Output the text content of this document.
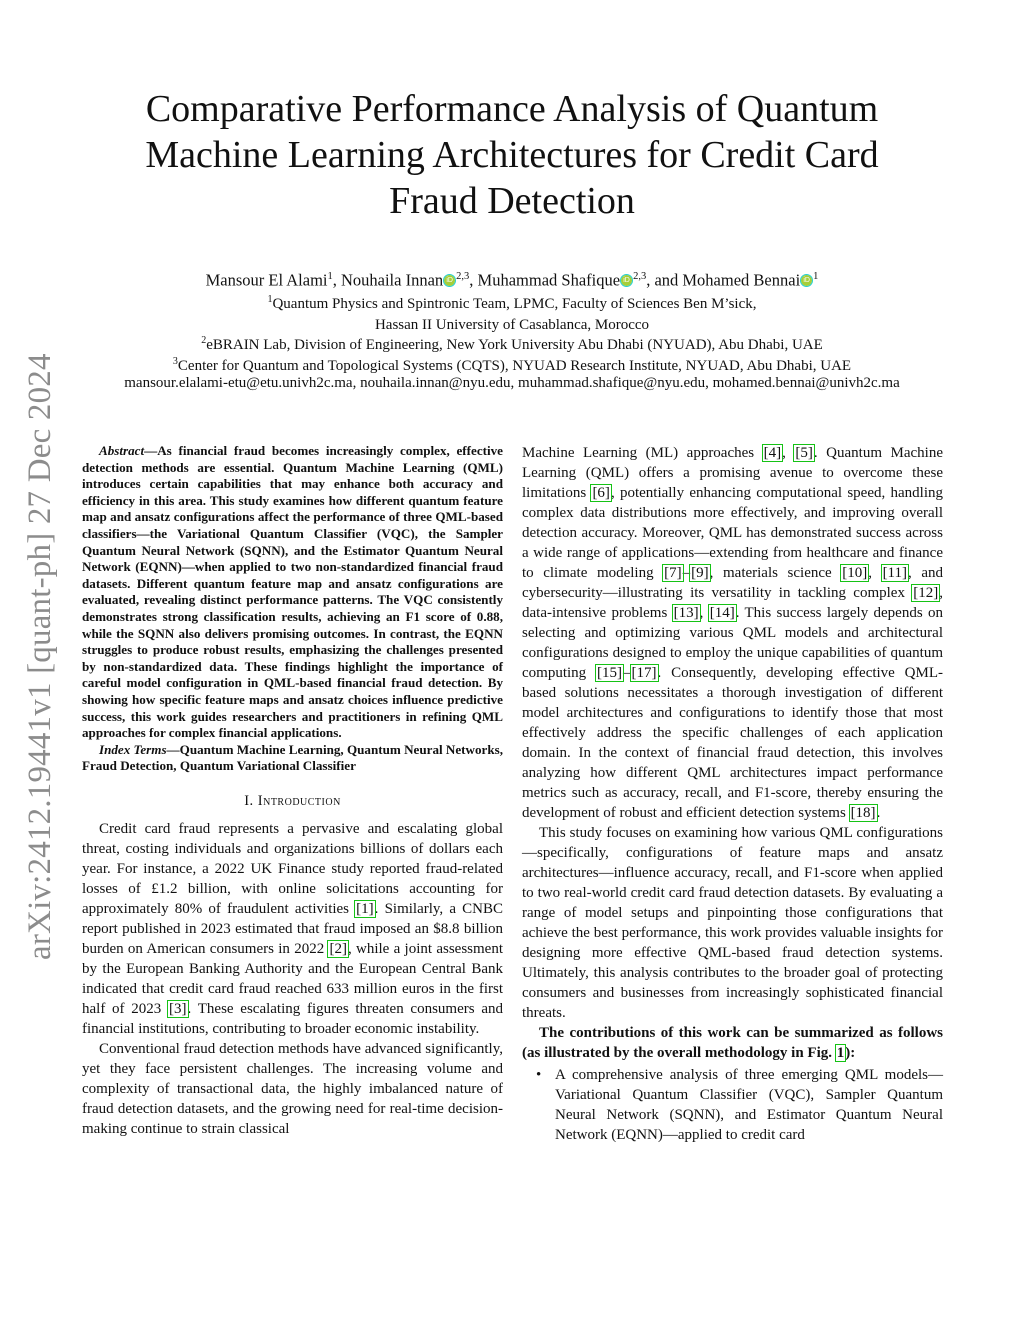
arXiv:2412.19441v1 [quant-ph] 27 Dec 2024
Comparative Performance Analysis of Quantum
Machine Learning Architectures for Credit Card
Fraud Detection
Mansour El Alami$^1$, Nouhaila Innan iD $^{2,3}$, Muhammad Shafique iD $^{2,3}$, and Mohamed Bennai iD $^1$
$^1$Quantum Physics and Spintronic Team, LPMC, Faculty of Sciences Ben M’sick,
Hassan II University of Casablanca, Morocco
$^2$eBRAIN Lab, Division of Engineering, New York University Abu Dhabi (NYUAD), Abu Dhabi, UAE
$^3$Center for Quantum and Topological Systems (CQTS), NYUAD Research Institute, NYUAD, Abu Dhabi, UAE
mansour.elalami-etu@etu.univh2c.ma, nouhaila.innan@nyu.edu, muhammad.shafique@nyu.edu, mohamed.bennai@univh2c.ma

Abstract—As financial fraud becomes increasingly complex, effective detection methods are essential. Quantum Machine Learning (QML) introduces certain capabilities that may enhance both accuracy and efficiency in this area. This study examines how different quantum feature map and ansatz configurations affect the performance of three QML-based classifiers—the Variational Quantum Classifier (VQC), the Sampler Quantum Neural Network (SQNN), and the Estimator Quantum Neural Network (EQNN)—when applied to two non-standardized financial fraud datasets. Different quantum feature map and ansatz configurations are evaluated, revealing distinct performance patterns. The VQC consistently demonstrates strong classification results, achieving an F1 score of 0.88, while the SQNN also delivers promising outcomes. In contrast, the EQNN struggles to produce robust results, emphasizing the challenges presented by non-standardized data. These findings highlight the importance of careful model configuration in QML-based financial fraud detection. By showing how specific feature maps and ansatz choices influence predictive success, this work guides researchers and practitioners in refining QML approaches for complex financial applications.

Index Terms—Quantum Machine Learning, Quantum Neural Networks, Fraud Detection, Quantum Variational Classifier

I. Introduction

Credit card fraud represents a pervasive and escalating global threat, costing individuals and organizations billions of dollars each year. For instance, a 2022 UK Finance study reported fraud-related losses of £1.2 billion, with online solicitations accounting for approximately 80% of fraudulent activities [1]. Similarly, a CNBC report published in 2023 estimated that fraud imposed an $8.8 billion burden on American consumers in 2022 [2], while a joint assessment by the European Banking Authority and the European Central Bank indicated that credit card fraud reached 633 million euros in the first half of 2023 [3]. These escalating figures threaten consumers and financial institutions, contributing to broader economic instability.

Conventional fraud detection methods have advanced significantly, yet they face persistent challenges. The increasing volume and complexity of transactional data, the highly imbalanced nature of fraud detection datasets, and the growing need for real-time decision-making continue to strain classical

Machine Learning (ML) approaches [4], [5]. Quantum Machine Learning (QML) offers a promising avenue to overcome these limitations [6], potentially enhancing computational speed, handling complex data distributions more effectively, and improving overall detection accuracy. Moreover, QML has demonstrated success across a wide range of applications—extending from healthcare and finance to climate modeling [7]–[9], materials science [10], [11], and cybersecurity—illustrating its versatility in tackling complex [12], data-intensive problems [13], [14]. This success largely depends on selecting and optimizing various QML models and architectural configurations designed to employ the unique capabilities of quantum computing [15]–[17]. Consequently, developing effective QML-based solutions necessitates a thorough investigation of different model architectures and configurations to identify those that most effectively address the specific challenges of each application domain. In the context of financial fraud detection, this involves analyzing how different QML architectures impact performance metrics such as accuracy, recall, and F1-score, thereby ensuring the development of robust and efficient detection systems [18].

This study focuses on examining how various QML configurations—specifically, configurations of feature maps and ansatz architectures—influence accuracy, recall, and F1-score when applied to two real-world credit card fraud detection datasets. By evaluating a range of model setups and pinpointing those configurations that achieve the best performance, this work provides valuable insights for designing more effective QML-based fraud detection systems. Ultimately, this analysis contributes to the broader goal of protecting consumers and businesses from increasingly sophisticated financial threats.

The contributions of this work can be summarized as follows (as illustrated by the overall methodology in Fig. 1):

• A comprehensive analysis of three emerging QML models—Variational Quantum Classifier (VQC), Sampler Quantum Neural Network (SQNN), and Estimator Quantum Neural Network (EQNN)—applied to credit card
